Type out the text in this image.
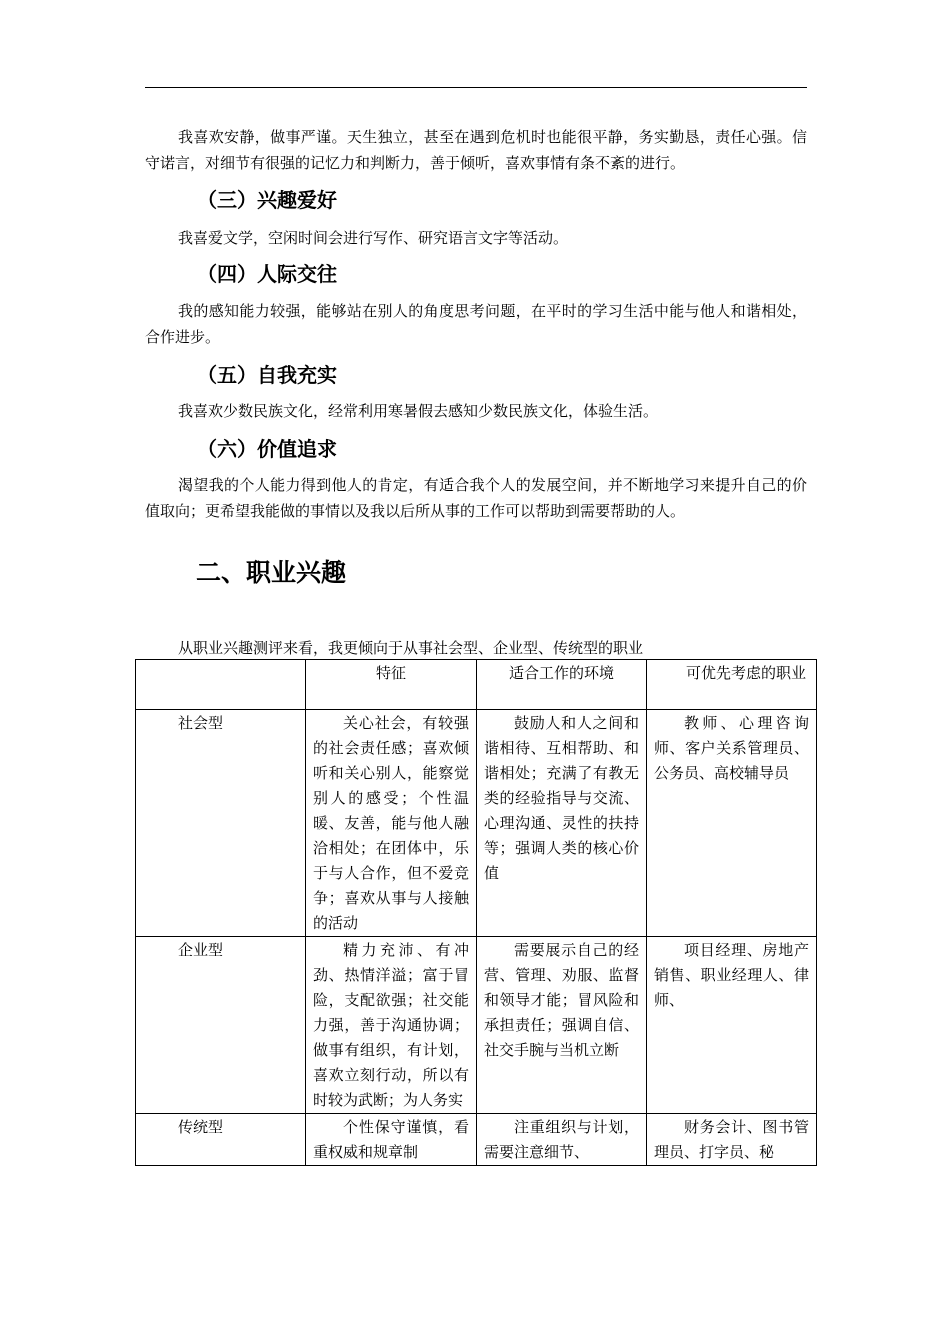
我喜欢安静，做事严谨。天生独立，甚至在遇到危机时也能很平静，务实勤恳，责任心强。信守诺言，对细节有很强的记忆力和判断力，善于倾听，喜欢事情有条不紊的进行。

（三）兴趣爱好

我喜爱文学，空闲时间会进行写作、研究语言文字等活动。

（四）人际交往

我的感知能力较强，能够站在别人的角度思考问题，在平时的学习生活中能与他人和谐相处，合作进步。

（五）自我充实

我喜欢少数民族文化，经常利用寒暑假去感知少数民族文化，体验生活。

（六）价值追求

渴望我的个人能力得到他人的肯定，有适合我个人的发展空间，并不断地学习来提升自己的价值取向；更希望我能做的事情以及我以后所从事的工作可以帮助到需要帮助的人。

二、职业兴趣

从职业兴趣测评来看，我更倾向于从事社会型、企业型、传统型的职业

	特征	适合工作的环境	可优先考虑的职业
社会型	关心社会，有较强的社会责任感；喜欢倾听和关心别人，能察觉别人的感受；个性温暖、友善，能与他人融洽相处；在团体中，乐于与人合作，但不爱竞争；喜欢从事与人接触的活动	鼓励人和人之间和谐相待、互相帮助、和谐相处；充满了有教无类的经验指导与交流、心理沟通、灵性的扶持等；强调人类的核心价值	教师、心理咨询师、客户关系管理员、公务员、高校辅导员
企业型	精力充沛、有冲劲、热情洋溢；富于冒险，支配欲强；社交能力强，善于沟通协调；做事有组织，有计划，喜欢立刻行动，所以有时较为武断；为人务实	需要展示自己的经营、管理、劝服、监督和领导才能；冒风险和承担责任；强调自信、社交手腕与当机立断	项目经理、房地产销售、职业经理人、律师、
传统型	个性保守谨慎，看重权威和规章制	注重组织与计划，需要注意细节、	财务会计、图书管理员、打字员、秘
